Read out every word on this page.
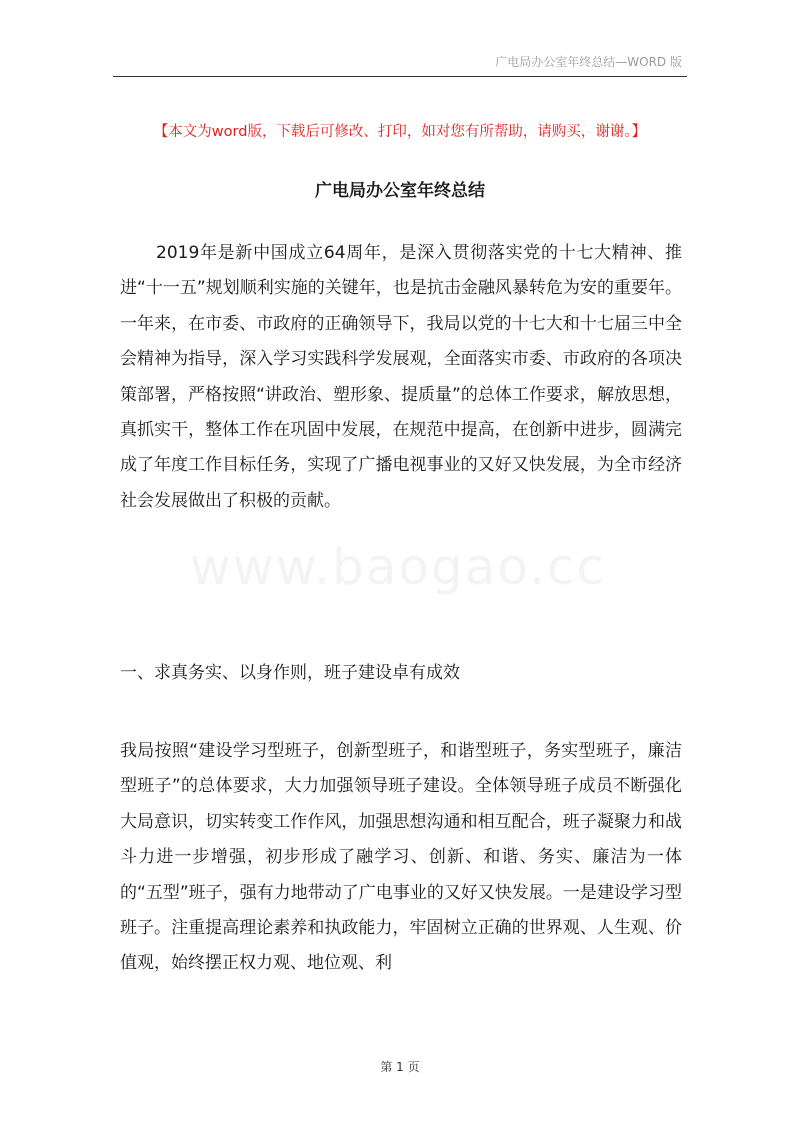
广电局办公室年终总结—WORD 版
【本文为word版，下载后可修改、打印，如对您有所帮助，请购买，谢谢。】
广电局办公室年终总结
www.baogao.cc

2019年是新中国成立64周年，是深入贯彻落实党的十七大精神、推进“十一五”规划顺利实施的关键年，也是抗击金融风暴转危为安的重要年。一年来，在市委、市政府的正确领导下，我局以党的十七大和十七届三中全会精神为指导，深入学习实践科学发展观，全面落实市委、市政府的各项决策部署，严格按照“讲政治、塑形象、提质量”的总体工作要求，解放思想，真抓实干，整体工作在巩固中发展，在规范中提高，在创新中进步，圆满完成了年度工作目标任务，实现了广播电视事业的又好又快发展，为全市经济社会发展做出了积极的贡献。

一、求真务实、以身作则，班子建设卓有成效

我局按照“建设学习型班子，创新型班子，和谐型班子，务实型班子，廉洁型班子”的总体要求，大力加强领导班子建设。全体领导班子成员不断强化大局意识，切实转变工作作风，加强思想沟通和相互配合，班子凝聚力和战斗力进一步增强，初步形成了融学习、创新、和谐、务实、廉洁为一体的“五型”班子，强有力地带动了广电事业的又好又快发展。一是建设学习型班子。注重提高理论素养和执政能力，牢固树立正确的世界观、人生观、价值观，始终摆正权力观、地位观、利

第 1 页
